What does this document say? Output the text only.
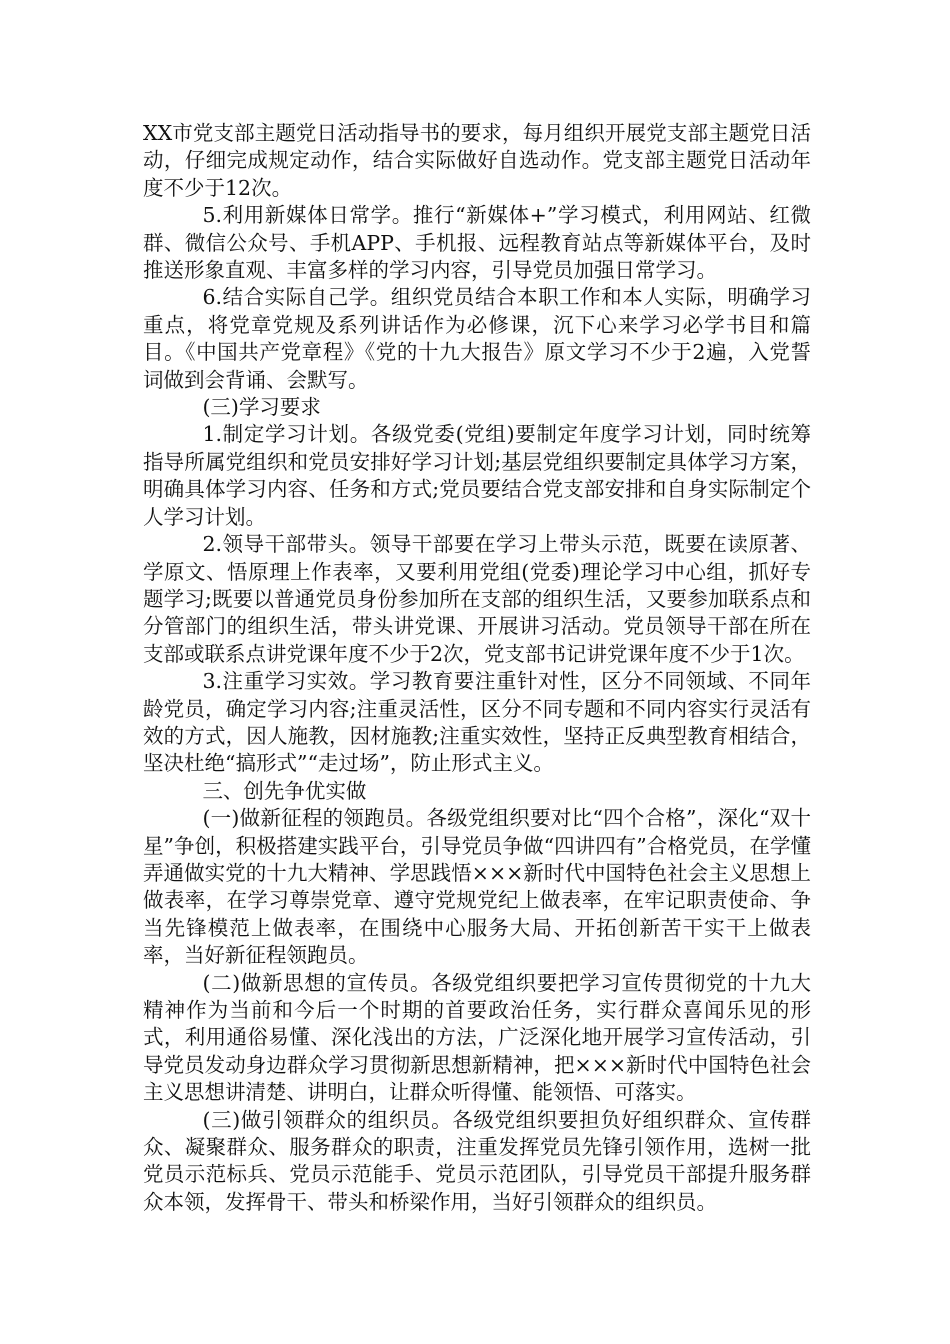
XX市党支部主题党日活动指导书的要求，每月组织开展党支部主题党日活动，仔细完成规定动作，结合实际做好自选动作。党支部主题党日活动年度不少于12次。

5.利用新媒体日常学。推行“新媒体+”学习模式，利用网站、红微群、微信公众号、手机APP、手机报、远程教育站点等新媒体平台，及时推送形象直观、丰富多样的学习内容，引导党员加强日常学习。

6.结合实际自己学。组织党员结合本职工作和本人实际，明确学习重点，将党章党规及系列讲话作为必修课，沉下心来学习必学书目和篇目。《中国共产党章程》《党的十九大报告》原文学习不少于2遍，入党誓词做到会背诵、会默写。

(三)学习要求

1.制定学习计划。各级党委(党组)要制定年度学习计划，同时统筹指导所属党组织和党员安排好学习计划;基层党组织要制定具体学习方案，明确具体学习内容、任务和方式;党员要结合党支部安排和自身实际制定个人学习计划。

2.领导干部带头。领导干部要在学习上带头示范，既要在读原著、学原文、悟原理上作表率，又要利用党组(党委)理论学习中心组，抓好专题学习;既要以普通党员身份参加所在支部的组织生活，又要参加联系点和分管部门的组织生活，带头讲党课、开展讲习活动。党员领导干部在所在支部或联系点讲党课年度不少于2次，党支部书记讲党课年度不少于1次。

3.注重学习实效。学习教育要注重针对性，区分不同领域、不同年龄党员，确定学习内容;注重灵活性，区分不同专题和不同内容实行灵活有效的方式，因人施教，因材施教;注重实效性，坚持正反典型教育相结合，坚决杜绝“搞形式”“走过场”，防止形式主义。

三、创先争优实做

(一)做新征程的领跑员。各级党组织要对比“四个合格”，深化“双十星”争创，积极搭建实践平台，引导党员争做“四讲四有”合格党员，在学懂弄通做实党的十九大精神、学思践悟×××新时代中国特色社会主义思想上做表率，在学习尊崇党章、遵守党规党纪上做表率，在牢记职责使命、争当先锋模范上做表率，在围绕中心服务大局、开拓创新苦干实干上做表率，当好新征程领跑员。

(二)做新思想的宣传员。各级党组织要把学习宣传贯彻党的十九大精神作为当前和今后一个时期的首要政治任务，实行群众喜闻乐见的形式，利用通俗易懂、深化浅出的方法，广泛深化地开展学习宣传活动，引导党员发动身边群众学习贯彻新思想新精神，把×××新时代中国特色社会主义思想讲清楚、讲明白，让群众听得懂、能领悟、可落实。

(三)做引领群众的组织员。各级党组织要担负好组织群众、宣传群众、凝聚群众、服务群众的职责，注重发挥党员先锋引领作用，选树一批党员示范标兵、党员示范能手、党员示范团队，引导党员干部提升服务群众本领，发挥骨干、带头和桥梁作用，当好引领群众的组织员。
